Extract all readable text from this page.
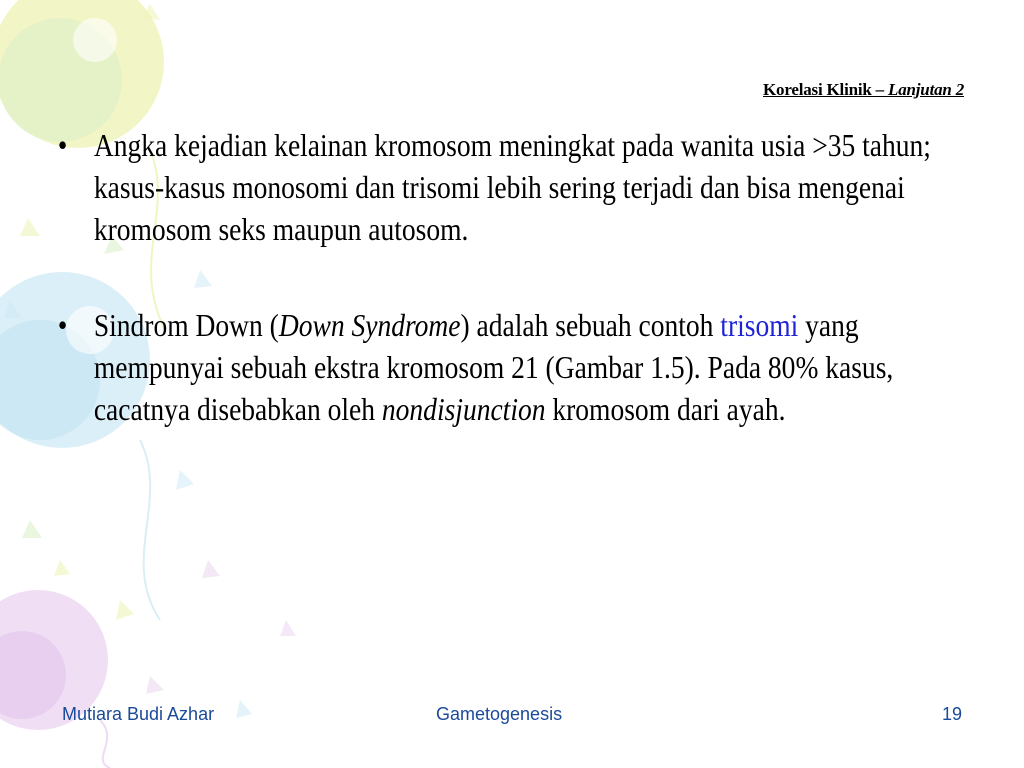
Korelasi Klinik – Lanjutan 2
• Angka kejadian kelainan kromosom meningkat pada wanita usia >35 tahun; kasus-kasus monosomi dan trisomi lebih sering terjadi dan bisa mengenai kromosom seks maupun autosom.
• Sindrom Down (Down Syndrome) adalah sebuah contoh trisomi yang mempunyai sebuah ekstra kromosom 21 (Gambar 1.5). Pada 80% kasus, cacatnya disebabkan oleh nondisjunction kromosom dari ayah.
Mutiara Budi Azhar	Gametogenesis	19
